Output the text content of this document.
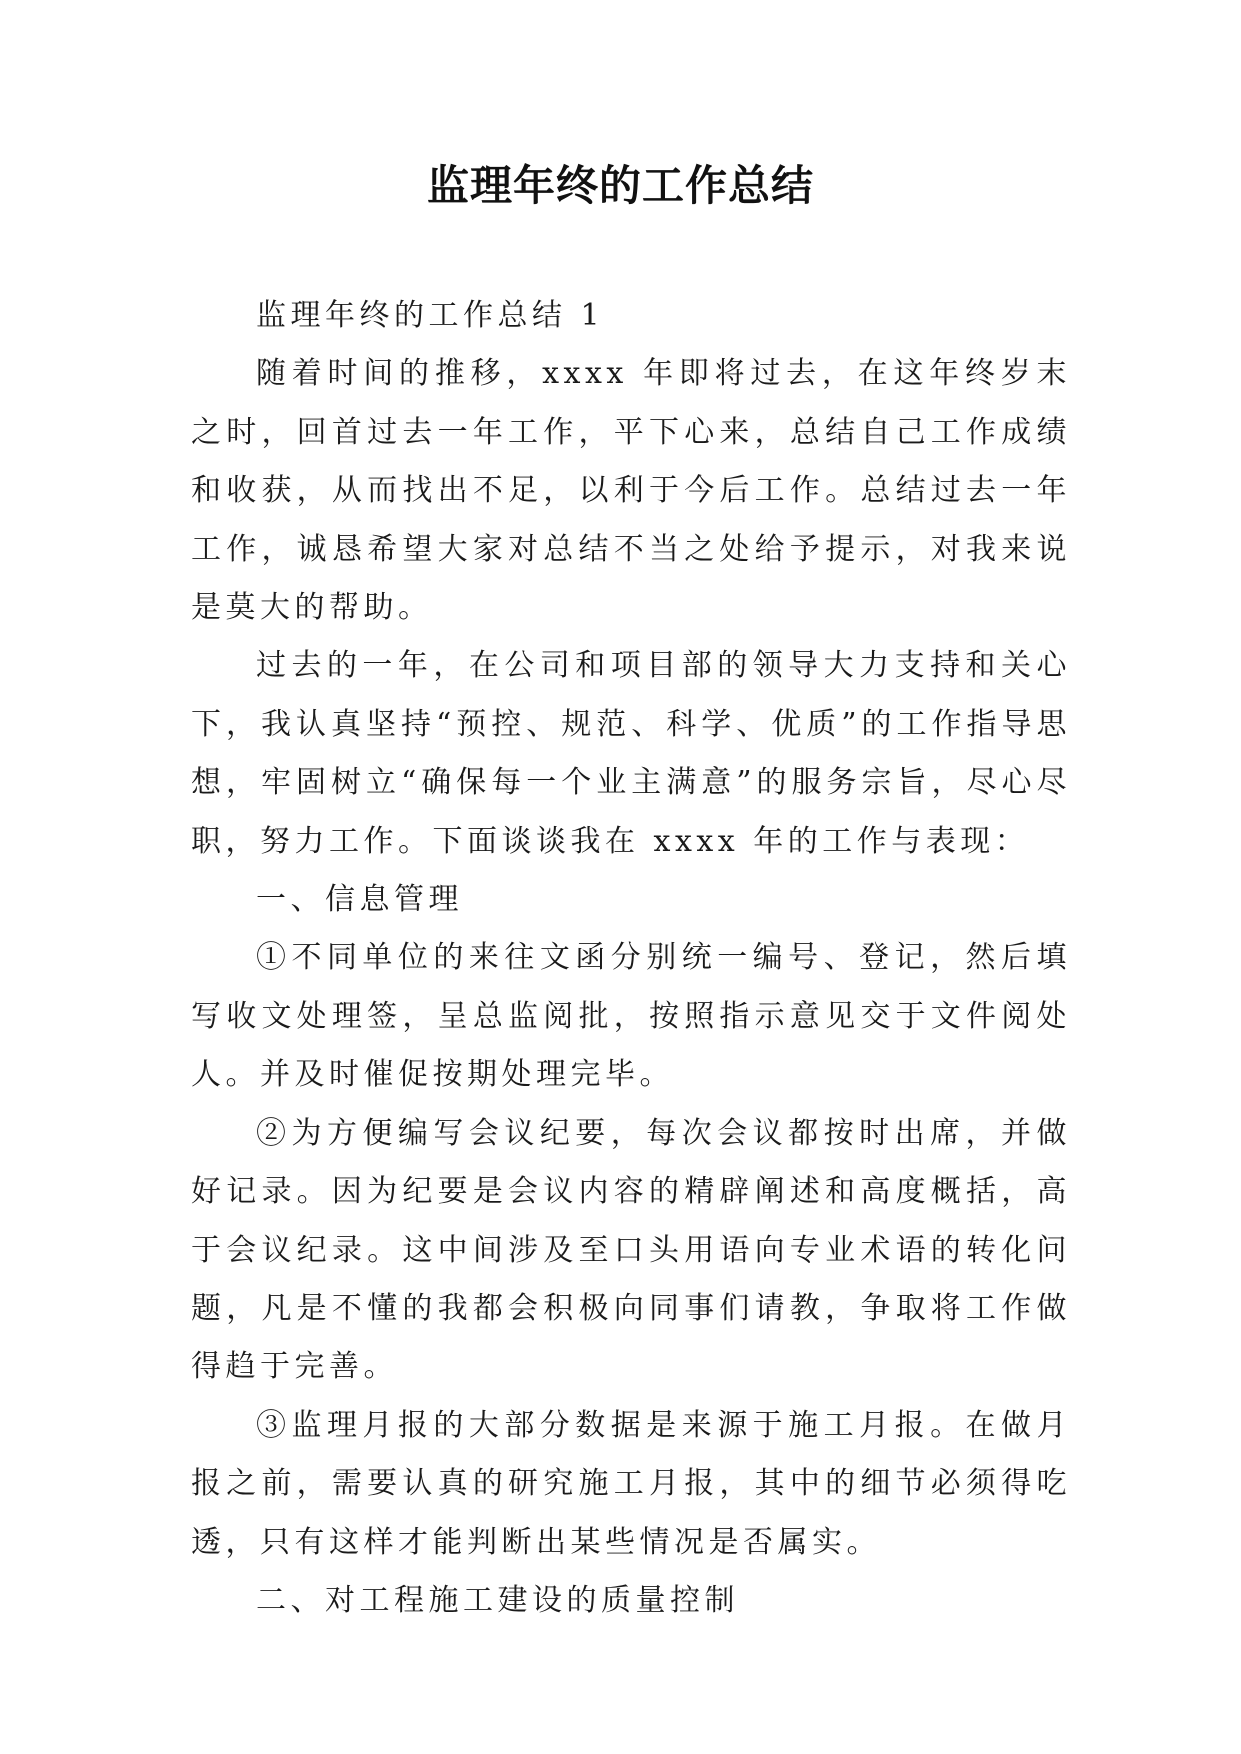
监理年终的工作总结

监理年终的工作总结 1

随着时间的推移，xxxx 年即将过去，在这年终岁末之时，回首过去一年工作，平下心来，总结自己工作成绩和收获，从而找出不足，以利于今后工作。总结过去一年工作，诚恳希望大家对总结不当之处给予提示，对我来说是莫大的帮助。

过去的一年，在公司和项目部的领导大力支持和关心下，我认真坚持“预控、规范、科学、优质”的工作指导思想，牢固树立“确保每一个业主满意”的服务宗旨，尽心尽职，努力工作。下面谈谈我在 xxxx 年的工作与表现：

一、信息管理

①不同单位的来往文函分别统一编号、登记，然后填写收文处理签，呈总监阅批，按照指示意见交于文件阅处人。并及时催促按期处理完毕。

②为方便编写会议纪要，每次会议都按时出席，并做好记录。因为纪要是会议内容的精辟阐述和高度概括，高于会议纪录。这中间涉及至口头用语向专业术语的转化问题，凡是不懂的我都会积极向同事们请教，争取将工作做得趋于完善。

③监理月报的大部分数据是来源于施工月报。在做月报之前，需要认真的研究施工月报，其中的细节必须得吃透，只有这样才能判断出某些情况是否属实。

二、对工程施工建设的质量控制
